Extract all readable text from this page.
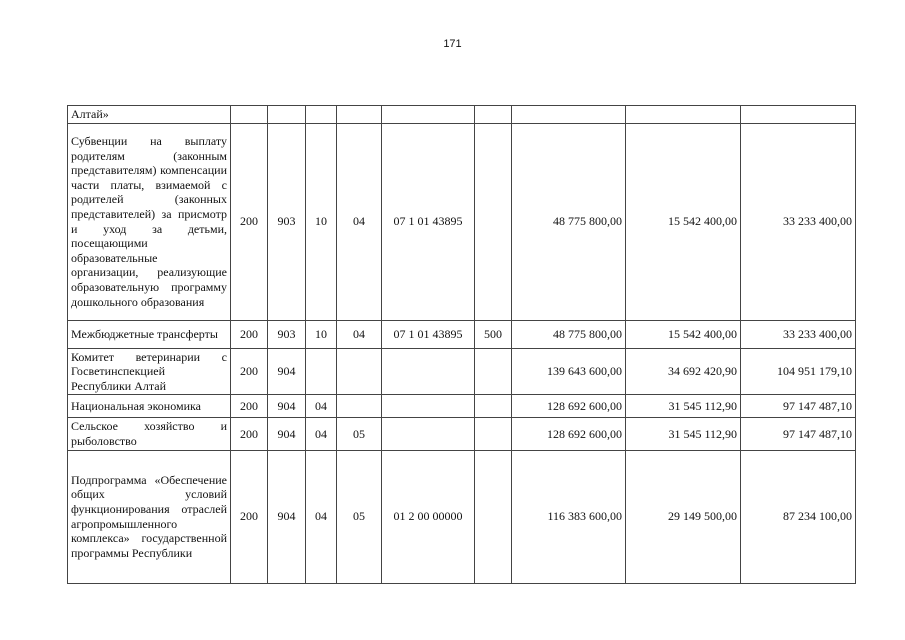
171
Алтай»									
Субвенции на выплату родителям (законным представителям) компенсации части платы, взимаемой с родителей (законных представителей) за присмотр и уход за детьми, посещающими образовательные организации, реализующие образовательную программу дошкольного образования	200	903	10	04	07 1 01 43895		48 775 800,00	15 542 400,00	33 233 400,00
Межбюджетные трансферты	200	903	10	04	07 1 01 43895	500	48 775 800,00	15 542 400,00	33 233 400,00
Комитет ветеринарии с Госветинспекцией Республики Алтай	200	904					139 643 600,00	34 692 420,90	104 951 179,10
Национальная экономика	200	904	04				128 692 600,00	31 545 112,90	97 147 487,10
Сельское хозяйство и рыболовство	200	904	04	05			128 692 600,00	31 545 112,90	97 147 487,10
Подпрограмма «Обеспечение общих условий функционирования отраслей агропромышленного комплекса» государственной программы Республики	200	904	04	05	01 2 00 00000		116 383 600,00	29 149 500,00	87 234 100,00
